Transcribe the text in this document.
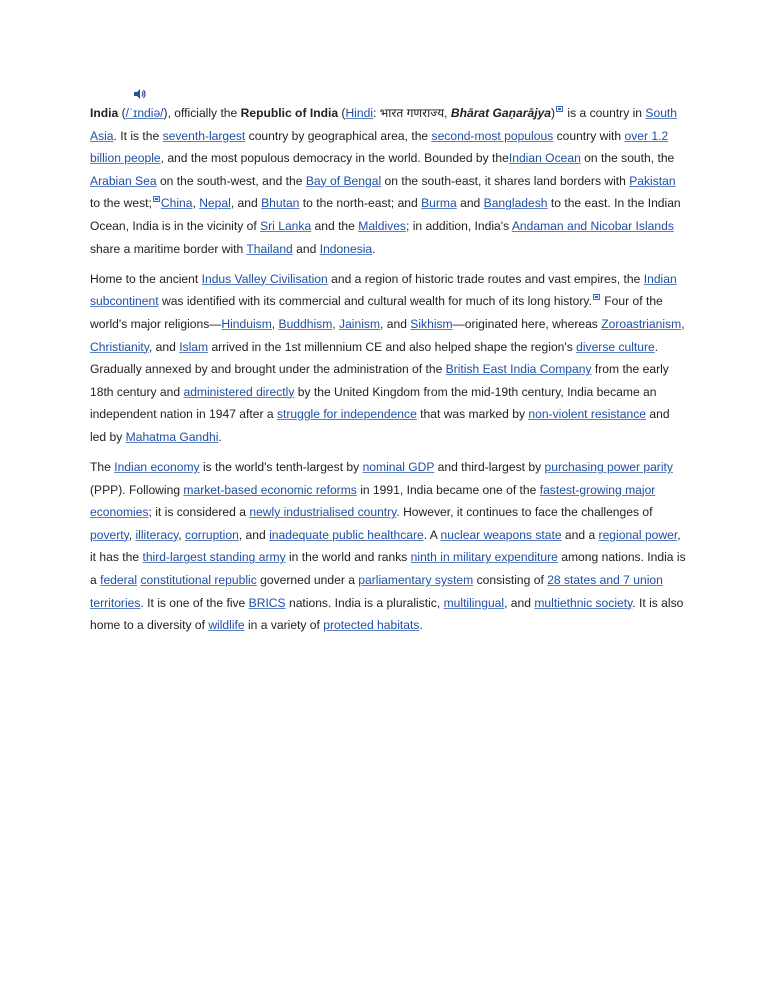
India (
/ˈɪndiə/), officially the Republic of India (Hindi: भारत गणराज्य, Bhārat Gaṇarājya) is a country in South Asia. It is the seventh-largest country by geographical area, the second-most populous country with over 1.2 billion people, and the most populous democracy in the world. Bounded by theIndian Ocean on the south, the Arabian Sea on the south-west, and the Bay of Bengal on the south-east, it shares land borders with Pakistan to the west; China, Nepal, and Bhutan to the north-east; and Burma and Bangladesh to the east. In the Indian Ocean, India is in the vicinity of Sri Lanka and the Maldives; in addition, India's Andaman and Nicobar Islands share a maritime border with Thailand and Indonesia.

Home to the ancient Indus Valley Civilisation and a region of historic trade routes and vast empires, the Indian subcontinent was identified with its commercial and cultural wealth for much of its long history. Four of the world's major religions—Hinduism, Buddhism, Jainism, and Sikhism—originated here, whereas Zoroastrianism, Christianity, and Islam arrived in the 1st millennium CE and also helped shape the region's diverse culture. Gradually annexed by and brought under the administration of the British East India Company from the early 18th century and administered directly by the United Kingdom from the mid-19th century, India became an independent nation in 1947 after a struggle for independence that was marked by non-violent resistance and led by Mahatma Gandhi.

The Indian economy is the world's tenth-largest by nominal GDP and third-largest by purchasing power parity (PPP). Following market-based economic reforms in 1991, India became one of the fastest-growing major economies; it is considered a newly industrialised country. However, it continues to face the challenges of poverty, illiteracy, corruption, and inadequate public healthcare. A nuclear weapons state and a regional power, it has the third-largest standing army in the world and ranks ninth in military expenditure among nations. India is a federal constitutional republic governed under a parliamentary system consisting of 28 states and 7 union territories. It is one of the five BRICS nations. India is a pluralistic, multilingual, and multiethnic society. It is also home to a diversity of wildlife in a variety of protected habitats.
